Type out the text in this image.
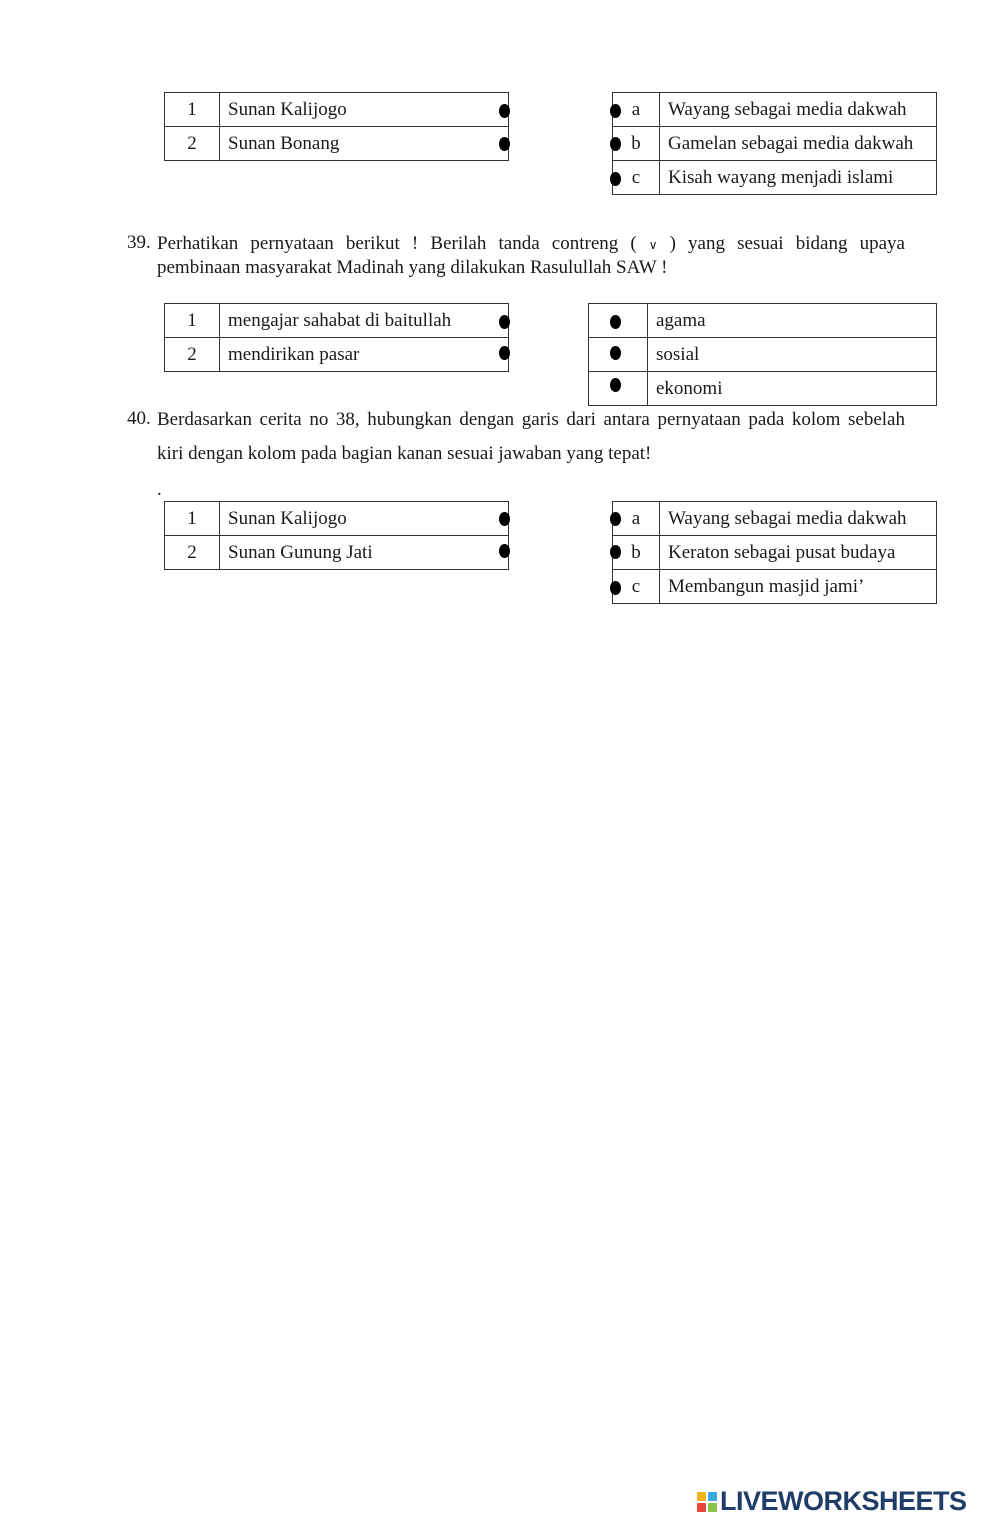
1	Sunan Kalijogo
2	Sunan Bonang
a	Wayang sebagai media dakwah
b	Gamelan sebagai media dakwah
c	Kisah wayang menjadi islami
39. Perhatikan pernyataan berikut ! Berilah tanda contreng ( ∨ ) yang sesuai bidang upaya
pembinaan masyarakat Madinah yang dilakukan Rasulullah SAW !
1	mengajar sahabat di baitullah
2	mendirikan pasar
	agama
	sosial
	ekonomi
40. Berdasarkan cerita no 38, hubungkan dengan garis dari antara pernyataan pada kolom sebelah
kiri dengan kolom pada bagian kanan sesuai jawaban yang tepat!
.
1	Sunan Kalijogo
2	Sunan Gunung Jati
a	Wayang sebagai media dakwah
b	Keraton sebagai pusat budaya
c	Membangun masjid jami’
LIVEWORKSHEETS
